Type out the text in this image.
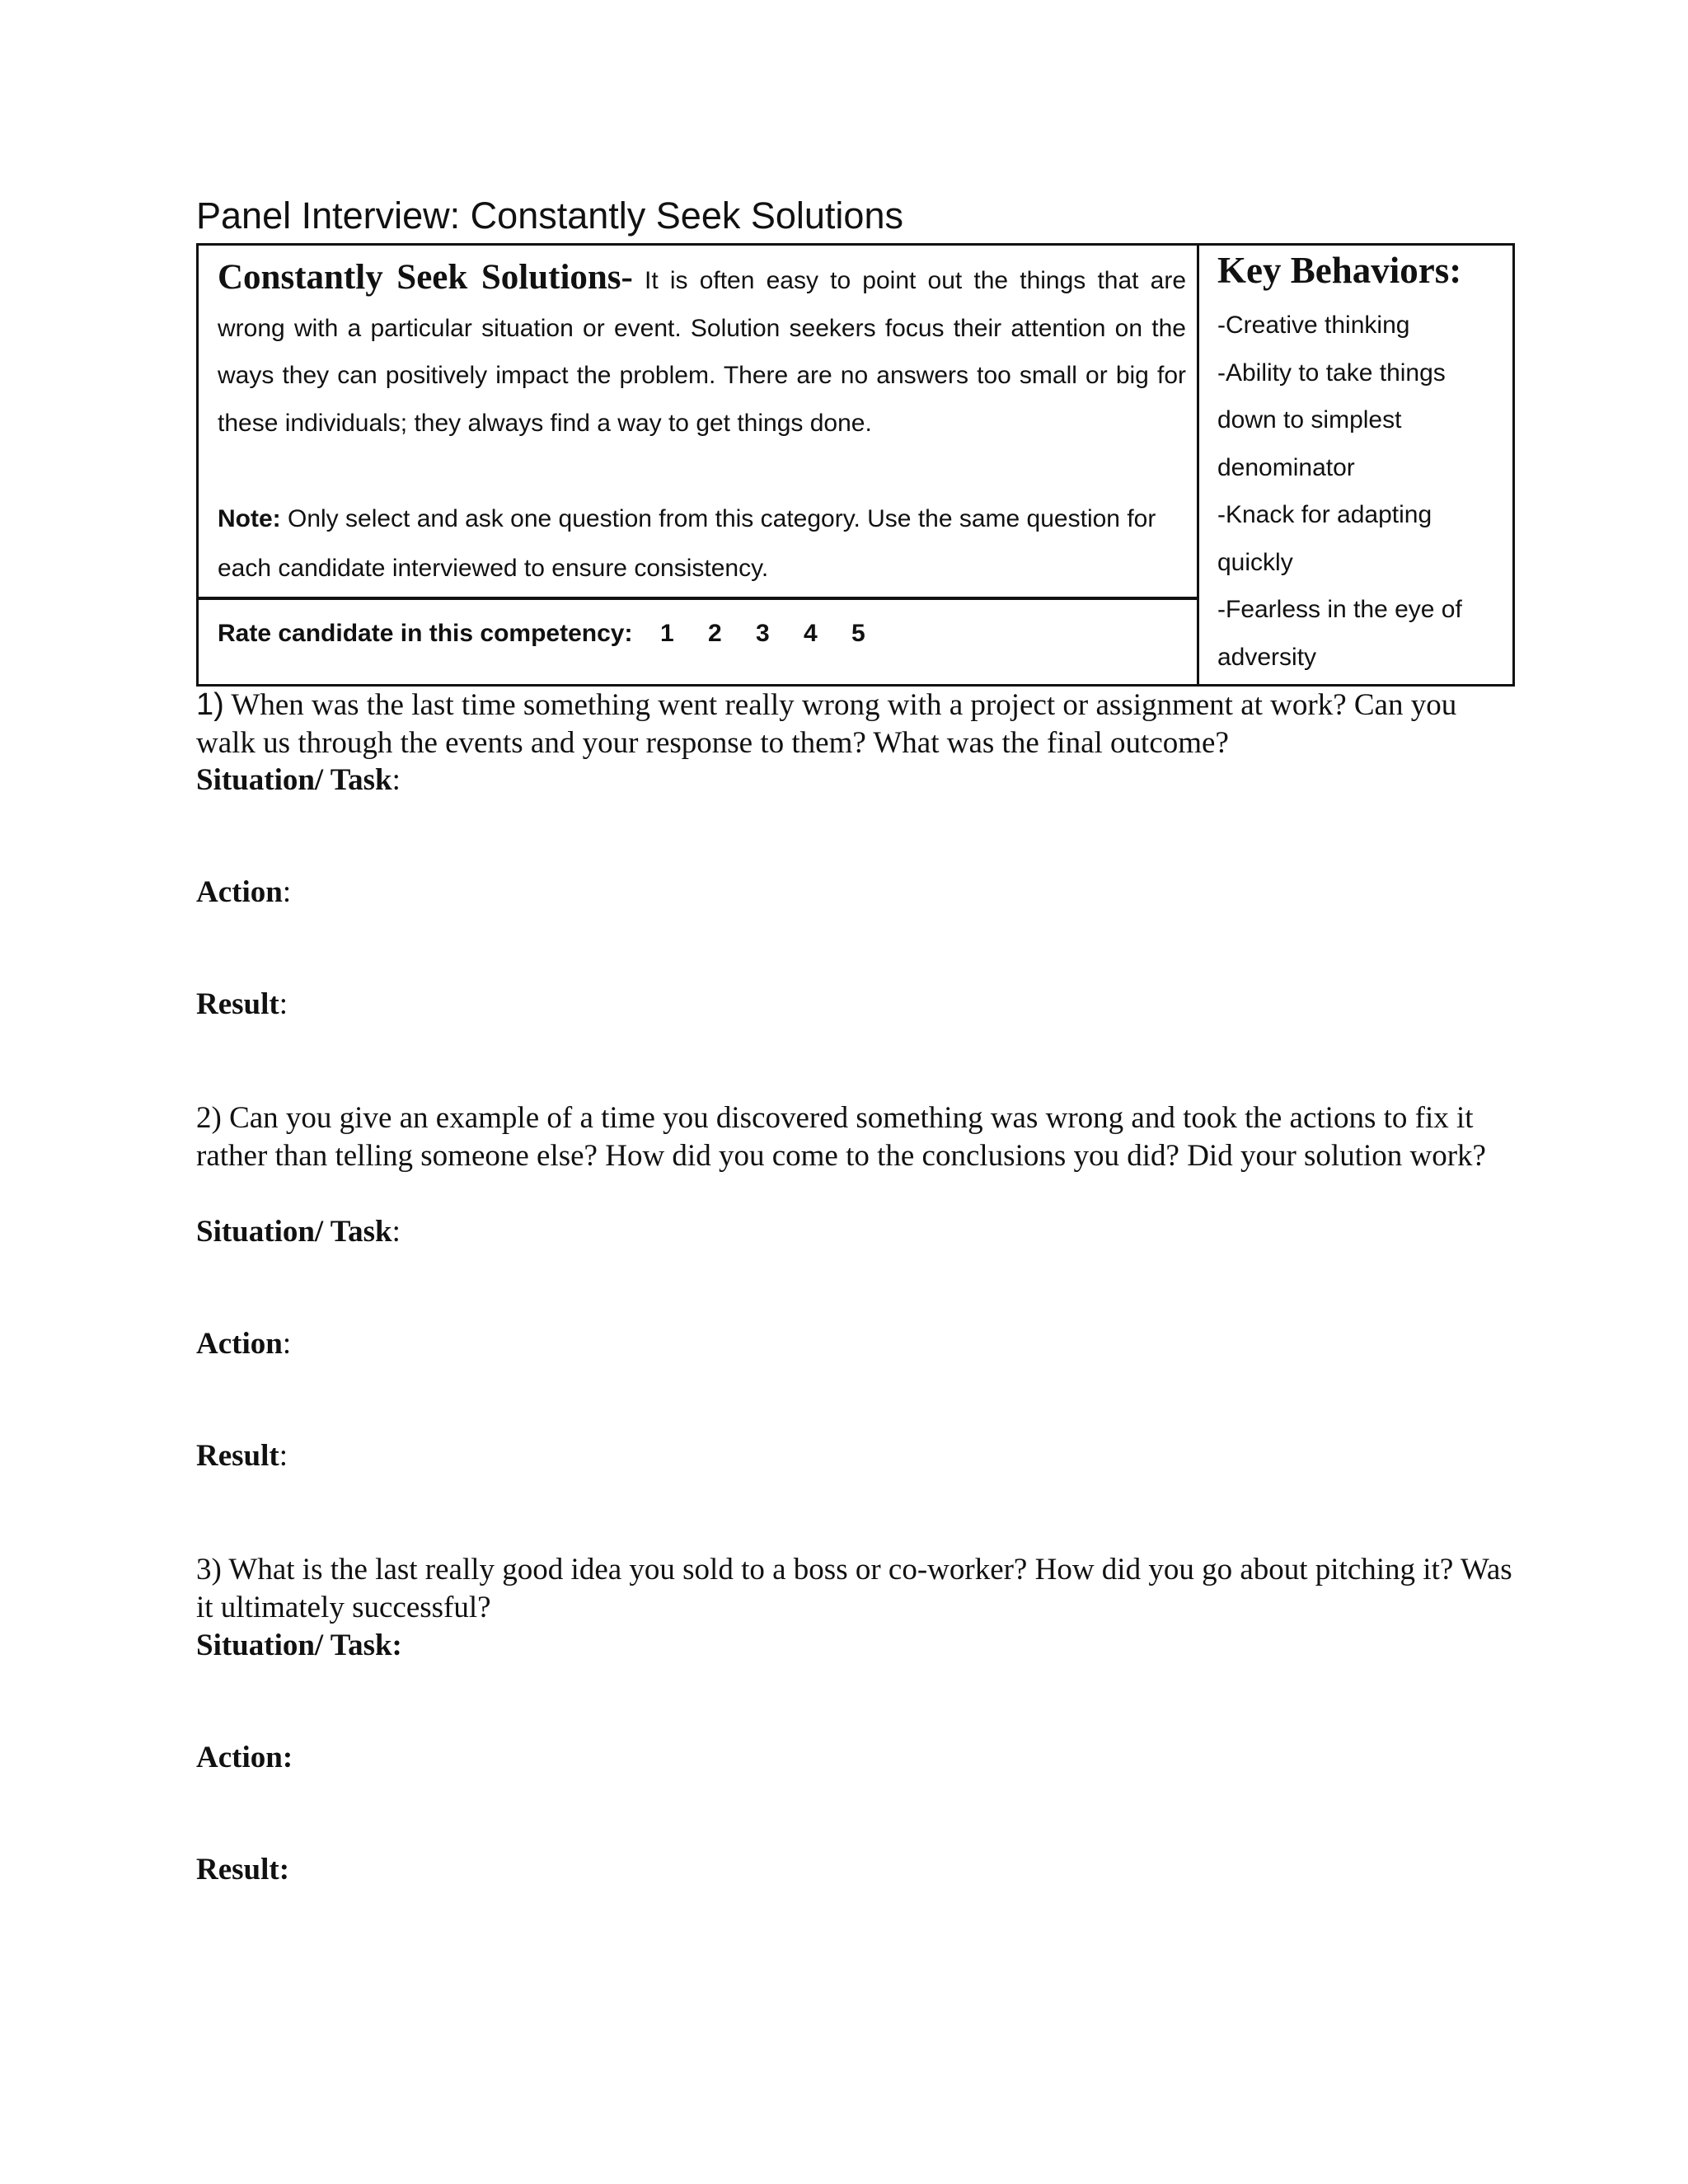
Panel Interview: Constantly Seek Solutions
Constantly Seek Solutions- It is often easy to point out the things that are wrong with a particular situation or event. Solution seekers focus their attention on the ways they can positively impact the problem. There are no answers too small or big for these individuals; they always find a way to get things done.
Note: Only select and ask one question from this category. Use the same question for each candidate interviewed to ensure consistency.
Rate candidate in this competency: 1	2	3	4	5
Key Behaviors:
-Creative thinking
-Ability to take things down to simplest denominator
-Knack for adapting quickly
-Fearless in the eye of adversity

1) When was the last time something went really wrong with a project or assignment at work? Can you walk us through the events and your response to them? What was the final outcome?

Situation/ Task:
Action:
Result:

2) Can you give an example of a time you discovered something was wrong and took the actions to fix it rather than telling someone else? How did you come to the conclusions you did? Did your solution work?

Situation/ Task:
Action:
Result:

3) What is the last really good idea you sold to a boss or co-worker? How did you go about pitching it? Was it ultimately successful?

Situation/ Task:
Action:
Result:
